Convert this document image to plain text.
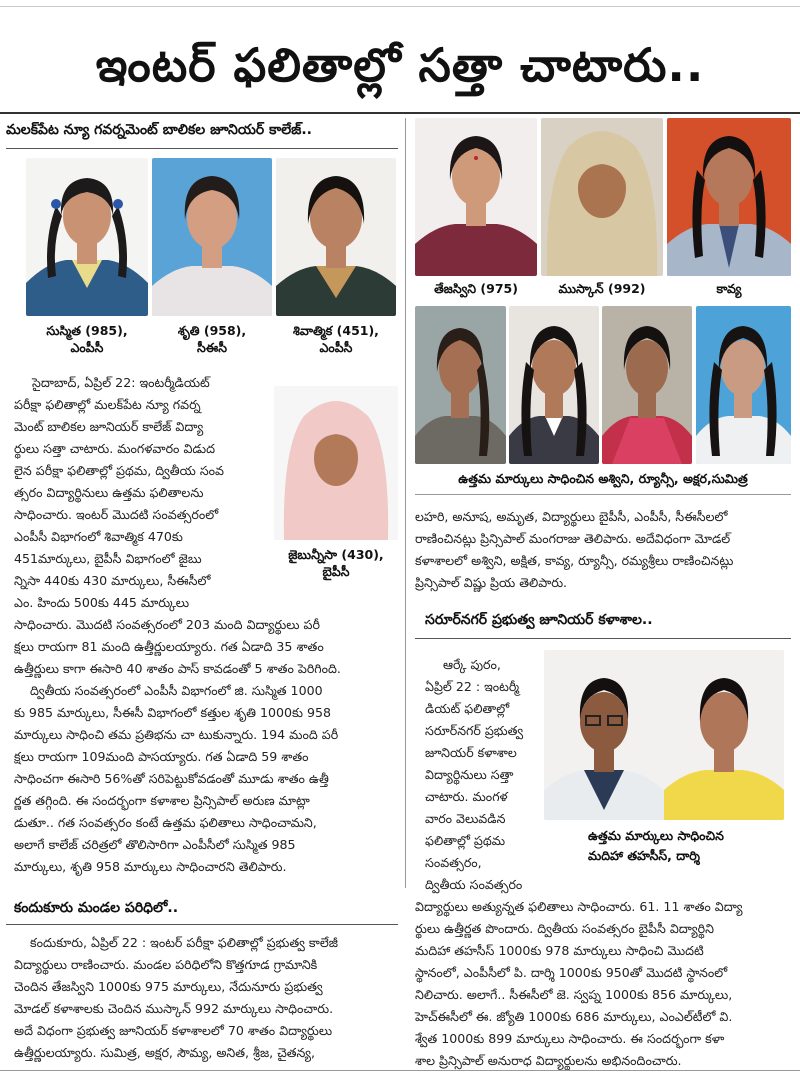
ఇంటర్ ఫలితాల్లో సత్తా చాటారు..
మలక్‌పేట న్యూ గవర్నమెంట్ బాలికల జూనియర్ కాలేజ్..
సుస్మిత (985),
ఎంపీసీ
శృతి (958),
సీఈసీ
శివాత్మిక (451),
ఎంపీసీ
జైబున్నీసా (430),
బైపీసీ
సైదాబాద్, ఏప్రిల్ 22: ఇంటర్మీడియట్
పరీక్షా ఫలితాల్లో మలక్‌పేట న్యూ గవర్న
మెంట్ బాలికల జూనియర్ కాలేజ్ విద్యా
ర్థులు సత్తా చాటారు. మంగళవారం విడుద
లైన పరీక్షా ఫలితాల్లో ప్రథమ, ద్వితీయ సంవ
త్సరం విద్యార్థినులు ఉత్తమ ఫలితాలను
సాధించారు. ఇంటర్ మొదటి సంవత్సరంలో
ఎంపీసీ విభాగంలో శివాత్మిక 470కు
451మార్కులు, బైపీసీ విభాగంలో జైబు
న్నిసా 440కు 430 మార్కులు, సీఈసీలో
ఎం. హిందు 500కు 445 మార్కులు
సాధించారు. మొదటి సంవత్సరంలో 203 మంది విద్యార్థులు పరీ
క్షలు రాయగా 81 మంది ఉత్తీర్ణులయ్యారు. గత ఏడాది 35 శాతం
ఉత్తీర్ణులు కాగా ఈసారి 40 శాతం పాస్ కావడంతో 5 శాతం పెరిగింది.
ద్వితీయ సంవత్సరంలో ఎంపీసీ విభాగంలో జి. సుస్మిత 1000
కు 985 మార్కులు, సీఈసీ విభాగంలో కత్తుల శృతి 1000కు 958
మార్కులు సాధించి తమ ప్రతిభను చా టుకున్నారు. 194 మంది పరీ
క్షలు రాయగా 109మంది పాసయ్యారు. గత ఏడాది 59 శాతం
సాధించగా ఈసారి 56%తో సరిపెట్టుకోవడంతో మూడు శాతం ఉత్తీ
ర్ణత తగ్గింది. ఈ సందర్భంగా కళాశాల ప్రిన్సిపాల్ అరుణ మాట్లా
డుతూ.. గత సంవత్సరం కంటే ఉత్తమ ఫలితాలు సాధించామని,
అలాగే కాలేజ్ చరిత్రలో తొలిసారిగా ఎంపీసీలో సుస్మిత 985
మార్కులు, శృతి 958 మార్కులు సాధించారని తెలిపారు.
కందుకూరు మండల పరిధిలో..
కందుకూరు, ఏప్రిల్ 22 : ఇంటర్ పరీక్షా ఫలితాల్లో ప్రభుత్వ కాలేజీ
విద్యార్థులు రాణించారు. మండల పరిధిలోని కొత్తగూడ గ్రామానికి
చెందిన తేజస్విని 1000కు 975 మార్కులు, నేదునూరు ప్రభుత్వ
మోడల్ కళాశాలకు చెందిన ముస్కాన్ 992 మార్కులు సాధించారు.
అదే విధంగా ప్రభుత్వ జూనియర్ కళాశాలలో 70 శాతం విద్యార్థులు
ఉత్తీర్ణులయ్యారు. సుమిత్ర, అక్షర, సౌమ్య, అనిత, శ్రీజ, చైతన్య,
తేజస్విని (975)	ముస్కాన్ (992)	కావ్య
ఉత్తమ మార్కులు సాధించిన అశ్విని, ర్యూన్సీ, అక్షర,సుమిత్ర
లహరి, అనూష, అమృత, విద్యార్థులు బైపీసీ, ఎంపీసీ, సీఈసీలలో
రాణించినట్లు ప్రిన్సిపాల్ మంగరాజు తెలిపారు. అదేవిధంగా మోడల్
కళాశాలలో అశ్విని, అక్షిత, కావ్య, ర్యూన్సీ, రమ్యశ్రీలు రాణించినట్లు
ప్రిన్సిపాల్ విష్ణు ప్రియ తెలిపారు.
సరూర్‌నగర్ ప్రభుత్వ జూనియర్ కళాశాల..
ఆర్కే పురం,
ఏప్రిల్ 22 : ఇంటర్మీ
డియట్ ఫలితాల్లో
సరూర్‌నగర్ ప్రభుత్వ
జూనియర్ కళాశాల
విద్యార్థినులు సత్తా
చాటారు. మంగళ
వారం వెలువడిన
ఫలితాల్లో ప్రథమ
సంవత్సరం,
ద్వితీయ సంవత్సరం
ఉత్తమ మార్కులు సాధించిన
మదిహా తహసీస్, దార్శి
విద్యార్థులు అత్యున్నత ఫలితాలు సాధించారు. 61. 11 శాతం విద్యా
ర్థులు ఉత్తీర్ణత పొందారు. ద్వితీయ సంవత్సరం బైపీసీ విద్యార్థిని
మదిహా తహసీస్ 1000కు 978 మార్కులు సాధించి మొదటి
స్థానంలో, ఎంపీసీలో పి. దార్శి 1000కు 950తో మొదటి స్థానంలో
నిలిచారు. అలాగే.. సీఈసీలో జె. స్వప్న 1000కు 856 మార్కులు,
హెచ్ఈసీలో ఈ. జ్యోతి 1000కు 686 మార్కులు, ఎంఎల్‌టీలో వి.
శ్వేత 1000కు 899 మార్కులు సాధించారు. ఈ సందర్భంగా కళా
శాల ప్రిన్సిపాల్ అనురాధ విద్యార్థులను అభినందించారు.
